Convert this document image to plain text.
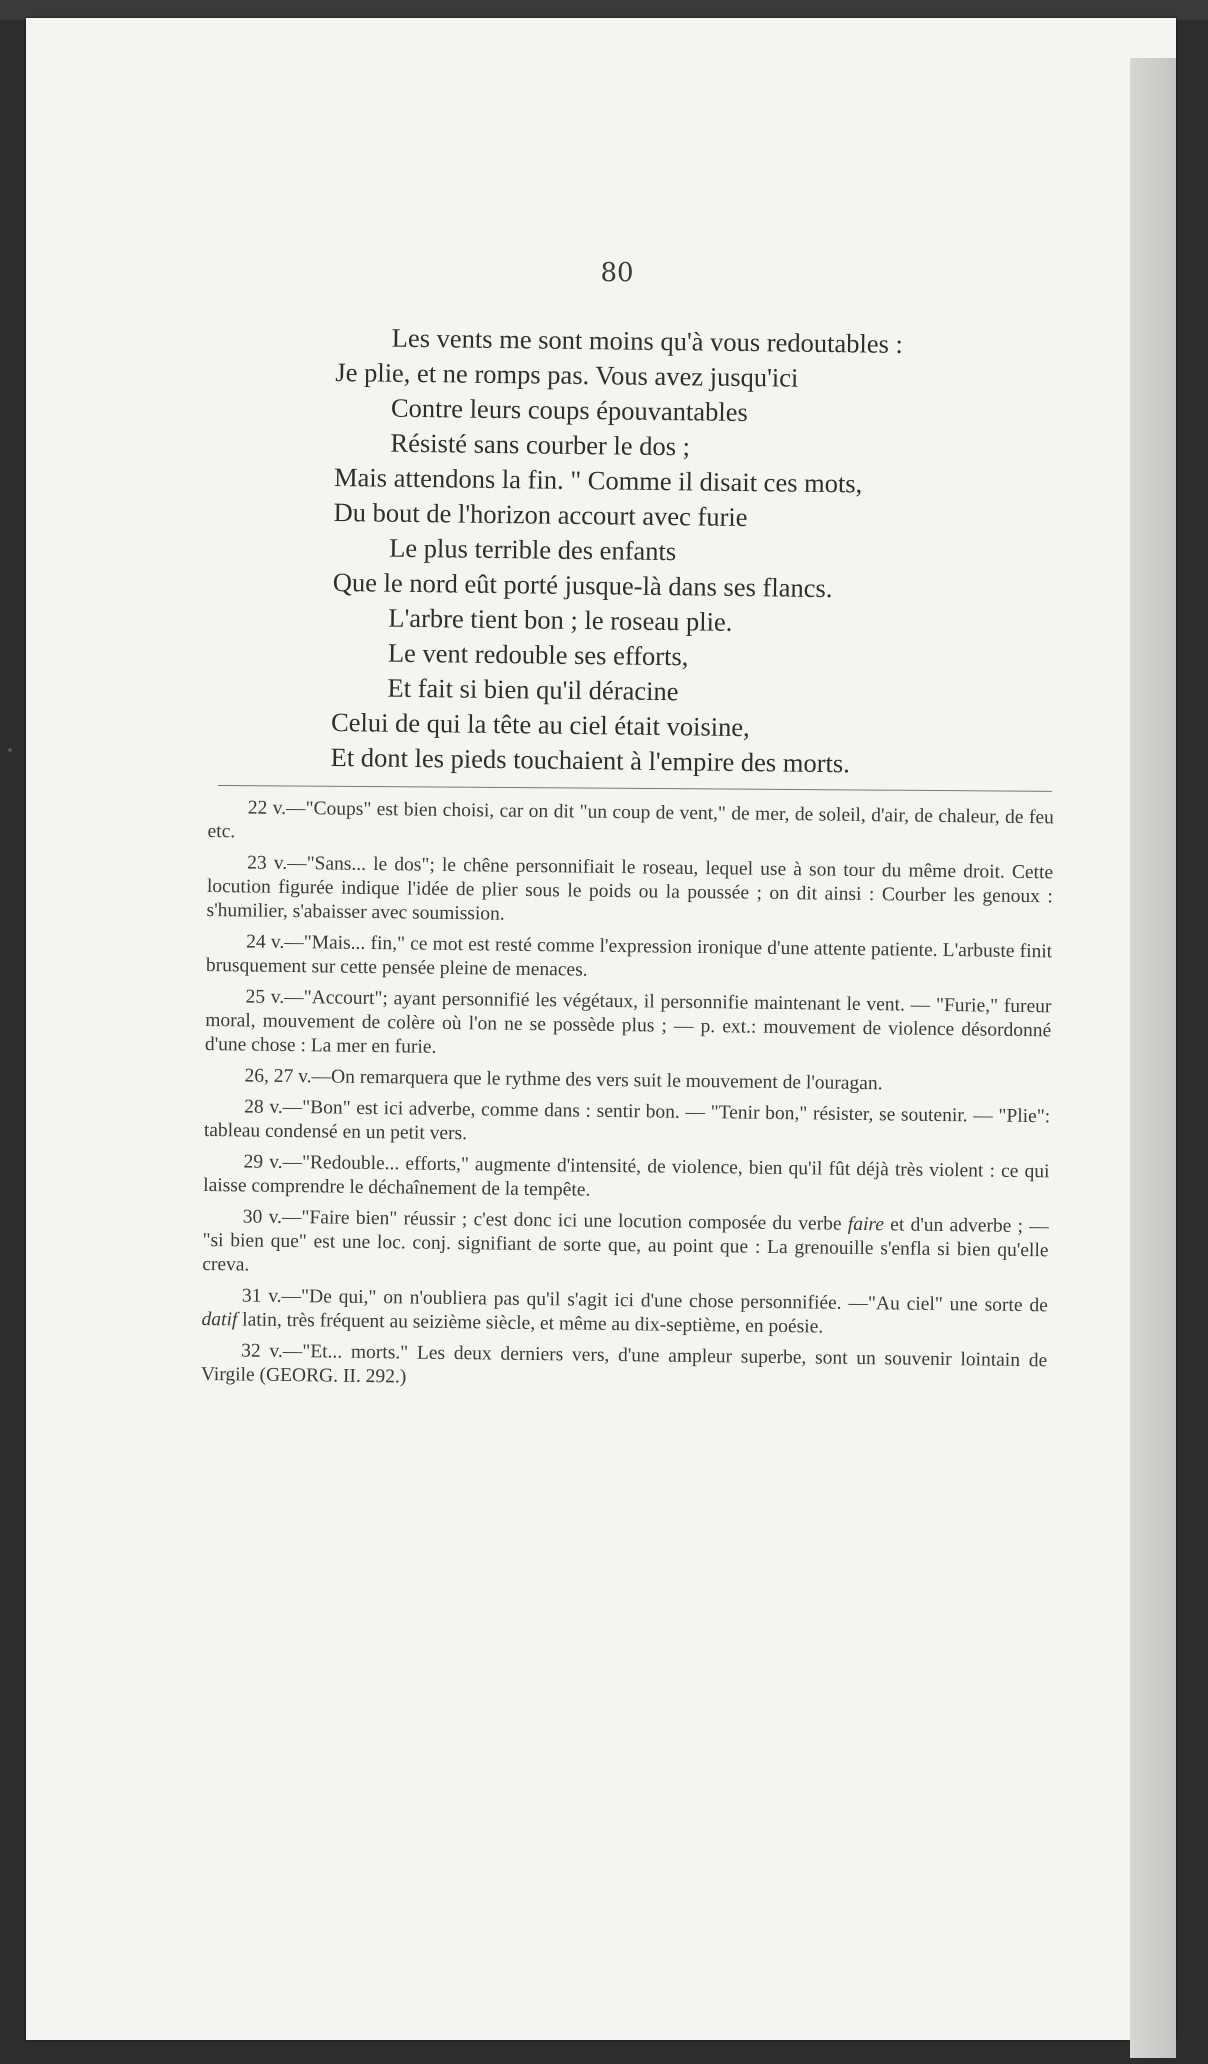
80
Les vents me sont moins qu'à vous redoutables :
Je plie, et ne romps pas. Vous avez jusqu'ici
Contre leurs coups épouvantables
Résisté sans courber le dos ;
Mais attendons la fin. " Comme il disait ces mots,
Du bout de l'horizon accourt avec furie
Le plus terrible des enfants
Que le nord eût porté jusque-là dans ses flancs.
L'arbre tient bon ; le roseau plie.
Le vent redouble ses efforts,
Et fait si bien qu'il déracine
Celui de qui la tête au ciel était voisine,
Et dont les pieds touchaient à l'empire des morts.

22 v.—"Coups" est bien choisi, car on dit "un coup de vent," de mer, de soleil, d'air, de chaleur, de feu etc.

23 v.—"Sans... le dos"; le chêne personnifiait le roseau, lequel use à son tour du même droit. Cette locution figurée indique l'idée de plier sous le poids ou la poussée ; on dit ainsi : Courber les genoux : s'humilier, s'abaisser avec soumission.

24 v.—"Mais... fin," ce mot est resté comme l'expression ironique d'une attente patiente. L'arbuste finit brusquement sur cette pensée pleine de menaces.

25 v.—"Accourt"; ayant personnifié les végétaux, il personnifie maintenant le vent. — "Furie," fureur moral, mouvement de colère où l'on ne se possède plus ; — p. ext.: mouvement de violence désordonné d'une chose : La mer en furie.

26, 27 v.—On remarquera que le rythme des vers suit le mouvement de l'ouragan.

28 v.—"Bon" est ici adverbe, comme dans : sentir bon. — "Tenir bon," résister, se soutenir. — "Plie": tableau condensé en un petit vers.

29 v.—"Redouble... efforts," augmente d'intensité, de violence, bien qu'il fût déjà très violent : ce qui laisse comprendre le déchaînement de la tempête.

30 v.—"Faire bien" réussir ; c'est donc ici une locution composée du verbe faire et d'un adverbe ; — "si bien que" est une loc. conj. signifiant de sorte que, au point que : La grenouille s'enfla si bien qu'elle creva.

31 v.—"De qui," on n'oubliera pas qu'il s'agit ici d'une chose personnifiée. —"Au ciel" une sorte de datif latin, très fréquent au seizième siècle, et même au dix-septième, en poésie.

32 v.—"Et... morts." Les deux derniers vers, d'une ampleur superbe, sont un souvenir lointain de Virgile (GEORG. II. 292.)
